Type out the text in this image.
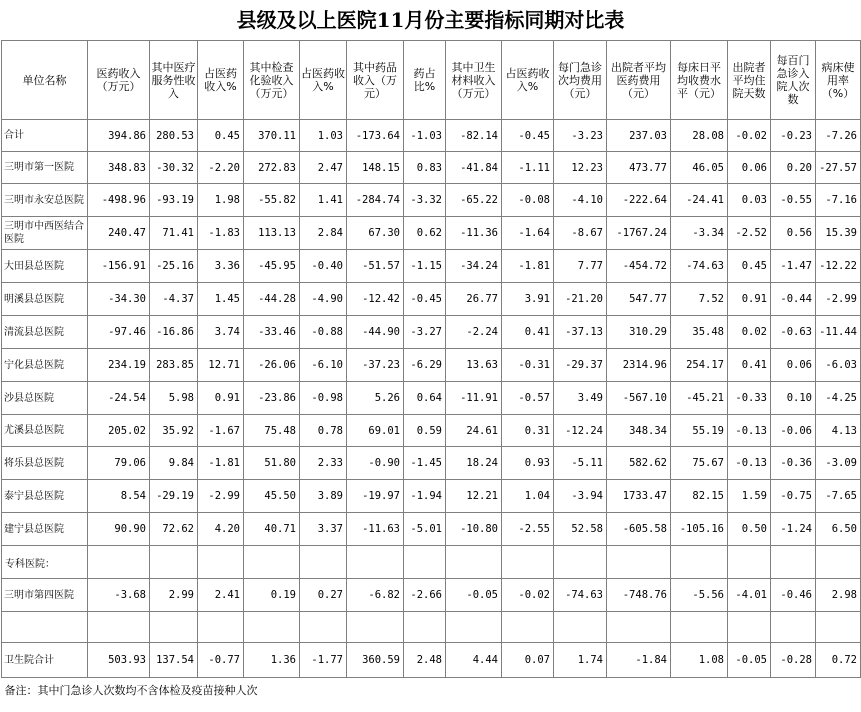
县级及以上医院11月份主要指标同期对比表
单位名称	医药收入（万元）	其中医疗服务性收入	占医药收入%	其中检查化验收入（万元）	占医药收入%	其中药品收入（万元）	药占比%	其中卫生材料收入（万元）	占医药收入%	每门急诊次均费用（元）	出院者平均医药费用（元）	每床日平均收费水平（元）	出院者平均住院天数	每百门急诊入院人次数	病床使用率（%）
合计	394.86	280.53	0.45	370.11	1.03	-173.64	-1.03	-82.14	-0.45	-3.23	237.03	28.08	-0.02	-0.23	-7.26
三明市第一医院	348.83	-30.32	-2.20	272.83	2.47	148.15	0.83	-41.84	-1.11	12.23	473.77	46.05	0.06	0.20	-27.57
三明市永安总医院	-498.96	-93.19	1.98	-55.82	1.41	-284.74	-3.32	-65.22	-0.08	-4.10	-222.64	-24.41	0.03	-0.55	-7.16
三明市中西医结合医院	240.47	71.41	-1.83	113.13	2.84	67.30	0.62	-11.36	-1.64	-8.67	-1767.24	-3.34	-2.52	0.56	15.39
大田县总医院	-156.91	-25.16	3.36	-45.95	-0.40	-51.57	-1.15	-34.24	-1.81	7.77	-454.72	-74.63	0.45	-1.47	-12.22
明溪县总医院	-34.30	-4.37	1.45	-44.28	-4.90	-12.42	-0.45	26.77	3.91	-21.20	547.77	7.52	0.91	-0.44	-2.99
清流县总医院	-97.46	-16.86	3.74	-33.46	-0.88	-44.90	-3.27	-2.24	0.41	-37.13	310.29	35.48	0.02	-0.63	-11.44
宁化县总医院	234.19	283.85	12.71	-26.06	-6.10	-37.23	-6.29	13.63	-0.31	-29.37	2314.96	254.17	0.41	0.06	-6.03
沙县总医院	-24.54	5.98	0.91	-23.86	-0.98	5.26	0.64	-11.91	-0.57	3.49	-567.10	-45.21	-0.33	0.10	-4.25
尤溪县总医院	205.02	35.92	-1.67	75.48	0.78	69.01	0.59	24.61	0.31	-12.24	348.34	55.19	-0.13	-0.06	4.13
将乐县总医院	79.06	9.84	-1.81	51.80	2.33	-0.90	-1.45	18.24	0.93	-5.11	582.62	75.67	-0.13	-0.36	-3.09
泰宁县总医院	8.54	-29.19	-2.99	45.50	3.89	-19.97	-1.94	12.21	1.04	-3.94	1733.47	82.15	1.59	-0.75	-7.65
建宁县总医院	90.90	72.62	4.20	40.71	3.37	-11.63	-5.01	-10.80	-2.55	52.58	-605.58	-105.16	0.50	-1.24	6.50
专科医院：															
三明市第四医院	-3.68	2.99	2.41	0.19	0.27	-6.82	-2.66	-0.05	-0.02	-74.63	-748.76	-5.56	-4.01	-0.46	2.98

卫生院合计	503.93	137.54	-0.77	1.36	-1.77	360.59	2.48	4.44	0.07	1.74	-1.84	1.08	-0.05	-0.28	0.72
备注：其中门急诊人次数均不含体检及疫苗接种人次															
